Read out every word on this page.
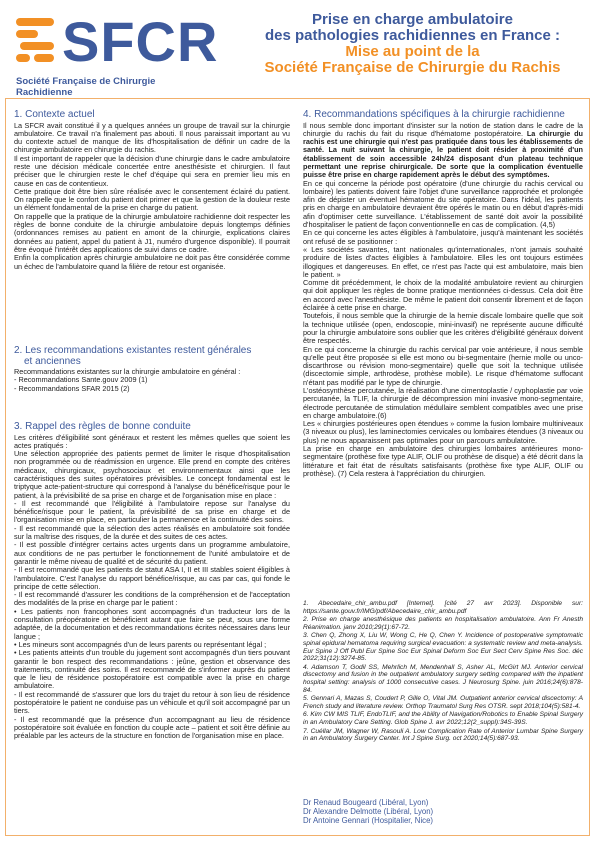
SFCR
Société Française de Chirurgie Rachidienne
Prise en charge ambulatoire
des pathologies rachidiennes en France :
Mise au point de la
Société Française de Chirurgie du Rachis
1. Contexte actuel

La SFCR avait constitué il y a quelques années un groupe de travail sur la chirurgie ambulatoire. Ce travail n'a finalement pas abouti. Il nous paraissait important au vu du contexte actuel de manque de lits d'hospitalisation de définir un cadre de la chirurgie ambulatoire en chirurgie du rachis.

Il est important de rappeler que la décision d'une chirurgie dans le cadre ambulatoire reste une décision médicale concertée entre anesthésiste et chirurgien. Il faut préciser que le chirurgien reste le chef d'équipe qui sera en premier lieu mis en cause en cas de contentieux.

Cette pratique doit être bien sûre réalisée avec le consentement éclairé du patient. On rappelle que le confort du patient doit primer et que la gestion de la douleur reste un élément fondamental de la prise en charge du patient.

On rappelle que la pratique de la chirurgie ambulatoire rachidienne doit respecter les règles de bonne conduite de la chirurgie ambulatoire depuis longtemps définies (ordonnances remises au patient en amont de la chirurgie, explications claires données au patient, appel du patient à J1, numéro d'urgence disponible). Il pourrait être évoqué l'intérêt des applications de suivi dans ce cadre.

Enfin la complication après chirurgie ambulatoire ne doit pas être considérée comme un échec de l'ambulatoire quand la filière de retour est organisée.

2. Les recommandations existantes restent générales
et anciennes

Recommandations existantes sur la chirurgie ambulatoire en général :

- Recommandations Sante.gouv 2009 (1)

- Recommandations SFAR 2015 (2)

3. Rappel des règles de bonne conduite

Les critères d'éligibilité sont généraux et restent les mêmes quelles que soient les actes pratiqués :

Une sélection appropriée des patients permet de limiter le risque d'hospitalisation non programmée ou de réadmission en urgence. Elle prend en compte des critères médicaux, chirurgicaux, psychosociaux et environnementaux ainsi que les caractéristiques des suites opératoires prévisibles. Le concept fondamental est le triptyque acte-patient-structure qui correspond à l'analyse du bénéfice/risque pour le patient, à la prévisibilité de sa prise en charge et de l'organisation mise en place :

- Il est recommandé que l'éligibilité à l'ambulatoire repose sur l'analyse du bénéfice/risque pour le patient, la prévisibilité de sa prise en charge et de l'organisation mise en place, en particulier la permanence et la continuité des soins.

- Il est recommandé que la sélection des actes réalisés en ambulatoire soit fondée sur la maîtrise des risques, de la durée et des suites de ces actes.

- Il est possible d'intégrer certains actes urgents dans un programme ambulatoire, aux conditions de ne pas perturber le fonctionnement de l'unité ambulatoire et de garantir le même niveau de qualité et de sécurité du patient.

- Il est recommandé que les patients de statut ASA I, II et III stables soient éligibles à l'ambulatoire. C'est l'analyse du rapport bénéfice/risque, au cas par cas, qui fonde le principe de cette sélection.

- Il est recommandé d'assurer les conditions de la compréhension et de l'acceptation des modalités de la prise en charge par le patient :

• Les patients non francophones sont accompagnés d'un traducteur lors de la consultation préopératoire et bénéficient autant que faire se peut, sous une forme adaptée, de la documentation et des recommandations écrites nécessaires dans leur langue ;

• Les mineurs sont accompagnés d'un de leurs parents ou représentant légal ;

• Les patients atteints d'un trouble du jugement sont accompagnés d'un tiers pouvant garantir le bon respect des recommandations : jeûne, gestion et observance des traitements, continuité des soins. Il est recommandé de s'informer auprès du patient que le lieu de résidence postopératoire est compatible avec la prise en charge ambulatoire.

- Il est recommandé de s'assurer que lors du trajet du retour à son lieu de résidence postopératoire le patient ne conduise pas un véhicule et qu'il soit accompagné par un tiers.

- Il est recommandé que la présence d'un accompagnant au lieu de résidence postopératoire soit évaluée en fonction du couple acte – patient et soit être définie au préalable par les acteurs de la structure en fonction de l'organisation mise en place.

4. Recommandations spécifiques à la chirurgie rachidienne

Il nous semble donc important d'insister sur la notion de station dans le cadre de la chirurgie du rachis du fait du risque d'hématome postopératoire. La chirurgie du rachis est une chirurgie qui n'est pas pratiquée dans tous les établissements de santé. La nuit suivant la chirurgie, le patient doit résider à proximité d'un établissement de soin accessible 24h/24 disposant d'un plateau technique permettant une reprise chirurgicale. De sorte que la complication éventuelle puisse être prise en charge rapidement après le début des symptômes.

En ce qui concerne la période post opératoire (d'une chirurgie du rachis cervical ou lombaire) les patients doivent faire l'objet d'une surveillance rapprochée et prolongée afin de dépister un éventuel hématome du site opératoire. Dans l'idéal, les patients pris en charge en ambulatoire devraient être opérés le matin ou en début d'après-midi afin d'optimiser cette surveillance. L'établissement de santé doit avoir la possibilité d'hospitaliser le patient de façon conventionnelle en cas de complication. (4,5)

En ce qui concerne les actes éligibles à l'ambulatoire, jusqu'à maintenant les sociétés ont refusé de se positionner :

« Les sociétés savantes, tant nationales qu'internationales, n'ont jamais souhaité produire de listes d'actes éligibles à l'ambulatoire. Elles les ont toujours estimées illogiques et dangereuses. En effet, ce n'est pas l'acte qui est ambulatoire, mais bien le patient. »

Comme dit précédemment, le choix de la modalité ambulatoire revient au chirurgien qui doit appliquer les règles de bonne pratique mentionnées ci-dessus. Cela doit être en accord avec l'anesthésiste. De même le patient doit consentir librement et de façon éclairée à cette prise en charge.

Toutefois, il nous semble que la chirurgie de la hernie discale lombaire quelle que soit la technique utilisée (open, endoscopie, mini-invasif) ne représente aucune difficulté pour la chirurgie ambulatoire sons oublier que les critères d'éligibilité généraux doivent être respectés.

En ce qui concerne la chirurgie du rachis cervical par voie antérieure, il nous semble qu'elle peut être proposée si elle est mono ou bi-segmentaire (hernie molle ou unco-discarthrose ou révision mono-segmentaire) quelle que soit la technique utilisée (discectomie simple, arthrodèse, prothèse mobile). Le risque d'hématome suffocant n'étant pas modifié par le type de chirurgie.

L'ostéosynthèse percutanée, la réalisation d'une cimentoplastie / cyphoplastie par voie percutanée, la TLIF, la chirurgie de décompression mini invasive mono-segmentaire, électrode percutanée de stimulation médullaire semblent compatibles avec une prise en charge ambulatoire.(6)

Les « chirurgies postérieures open étendues » comme la fusion lombaire multiniveaux (3 niveaux ou plus), les laminectomies cervicales ou lombaires étendues (3 niveaux ou plus) ne nous apparaissent pas optimales pour un parcours ambulatoire.

La prise en charge en ambulatoire des chirurgies lombaires antérieures mono-segmentaire (prothèse fixe type ALIF, OLIF ou prothèse de disque) a été décrit dans la littérature et fait état de résultats satisfaisants (prothèse fixe type ALIF, OLIF ou prothèse). (7) Cela restera à l'appréciation du chirurgien.

1. Abecedaire_chir_ambu.pdf [Internet]. [cité 27 avr 2023]. Disponible sur: https://sante.gouv.fr/IMG/pdf/Abecedaire_chir_ambu.pdf

2. Prise en charge anesthésique des patients en hospitalisation ambulatoire. Ann Fr Anesth Réanimation. janv 2010;29(1):67-72.

3. Chen Q, Zhong X, Liu W, Wong C, He Q, Chen Y. Incidence of postoperative symptomatic spinal epidural hematoma requiring surgical evacuation: a systematic review and meta-analysis. Eur Spine J Off Publ Eur Spine Soc Eur Spinal Deform Soc Eur Sect Cerv Spine Res Soc. déc 2022;31(12):3274-85.

4. Adamson T, Godil SS, Mehrlich M, Mendenhall S, Asher AL, McGirt MJ. Anterior cervical discectomy and fusion in the outpatient ambulatory surgery setting compared with the inpatient hospital setting: analysis of 1000 consecutive cases. J Neurosurg Spine. juin 2016;24(6):878-84.

5. Gennari A, Mazas S, Coudert P, Gille O, Vital JM. Outpatient anterior cervical discectomy: A French study and literature review. Orthop Traumatol Surg Res OTSR. sept 2018;104(5):581-4.

6. Kim CW MIS TLIF, EndoTLIF, and the Ability of Navigation/Robotics to Enable Spinal Surgery in an Ambulatory Care Setting. Glob Spine J. avr 2022;12(2_suppl):34S-39S.

7. Cuéllar JM, Wagner W, Rasouli A. Low Complication Rate of Anterior Lumbar Spine Surgery in an Ambulatory Surgery Center. Int J Spine Surg. oct 2020;14(5):687-93.

Dr Renaud Bougeard (Libéral, Lyon)
Dr Alexandre Delmotte (Libéral, Lyon)
Dr Antoine Gennari (Hospitalier, Nice)
